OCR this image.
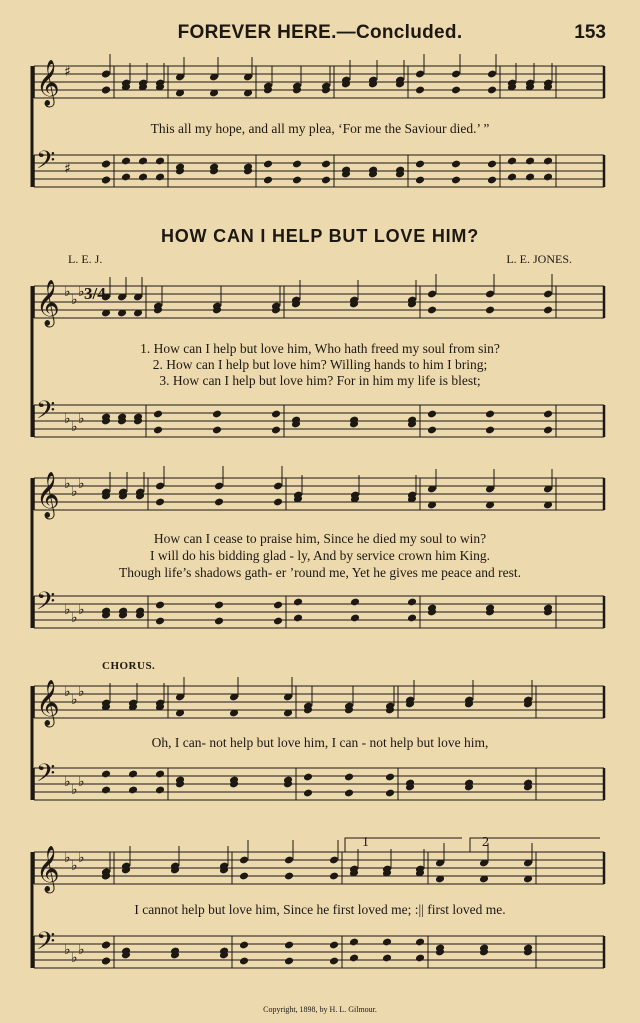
FOREVER HERE.—Concluded.	153
𝄞 ♯
𝄢 ♯
𝄞 ♭ ♭ ♭
𝄢 ♭ ♭ ♭
𝄞 ♭ ♭ ♭
𝄢 ♭ ♭ ♭
𝄞 ♭ ♭ ♭
𝄢 ♭ ♭ ♭
𝄞 ♭ ♭ ♭
𝄢 ♭ ♭ ♭
3/4
1	2
This all my hope, and all my plea, ‘For me the Saviour died.’ ”
HOW CAN I HELP BUT LOVE HIM?
L. E. J.	L. E. JONES.
1. How can I help but love him, Who hath freed my soul from sin?
2. How can I help but love him? Willing hands to him I bring;
3. How can I help but love him? For in him my life is blest;
How can I cease to praise him, Since he died my soul to win?
I will do his bidding glad - ly, And by service crown him King.
Though life’s shadows gath- er ’round me, Yet he gives me peace and rest.
CHORUS.
Oh, I can- not help but love him, I can - not help but love him,
I cannot help but love him, Since he first loved me; :|| first loved me.
Copyright, 1898, by H. L. Gilmour.
